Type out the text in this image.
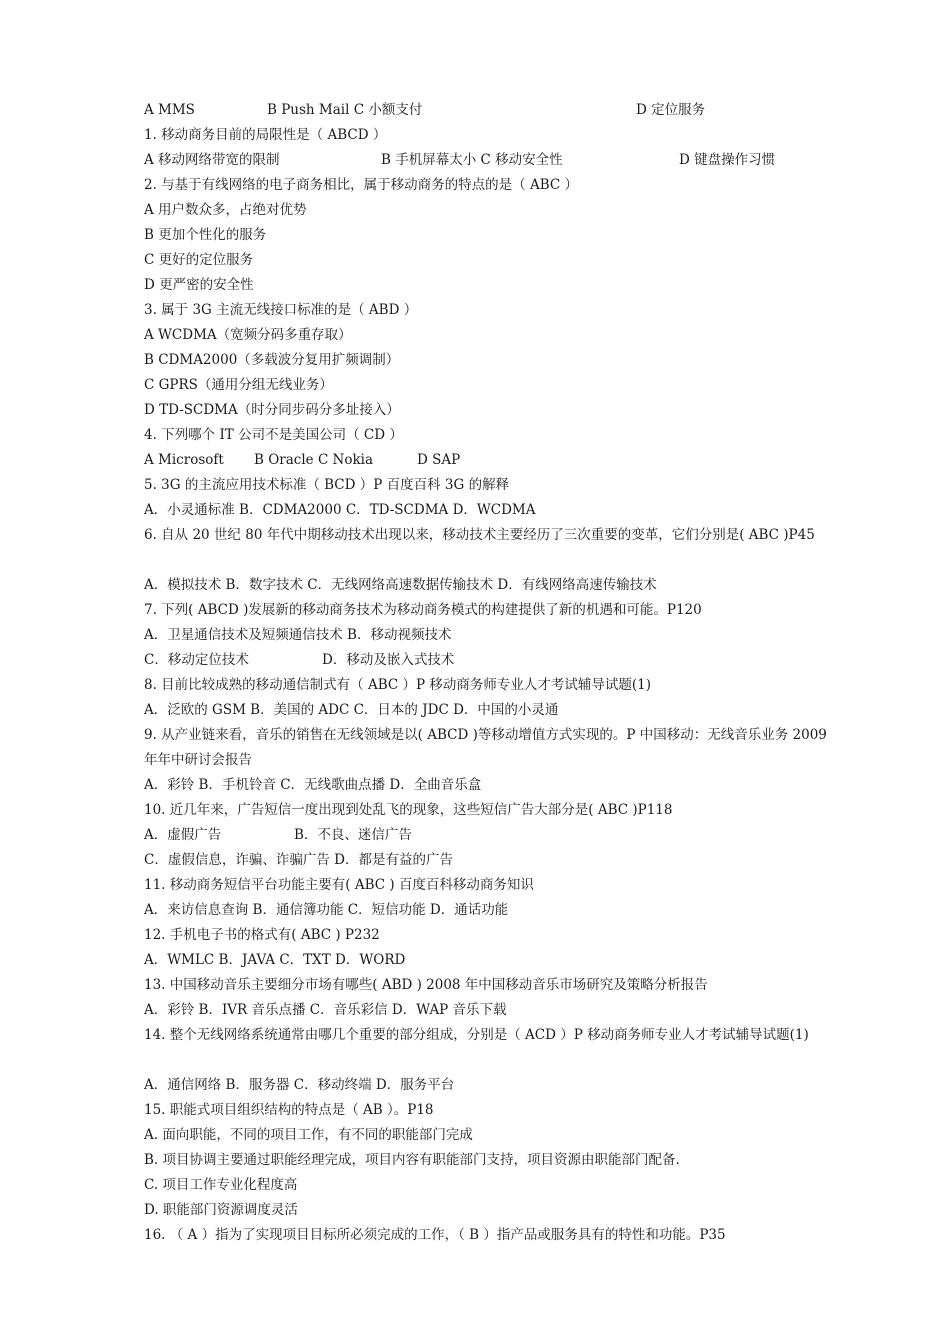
A MMS	B Push Mail C 小额支付	D 定位服务
1. 移动商务目前的局限性是（ ABCD ）
A 移动网络带宽的限制	B 手机屏幕太小 C 移动安全性	D 键盘操作习惯
2. 与基于有线网络的电子商务相比，属于移动商务的特点的是（ ABC ）
A 用户数众多，占绝对优势
B 更加个性化的服务
C 更好的定位服务
D 更严密的安全性
3. 属于 3G 主流无线接口标准的是（ ABD ）
A WCDMA（宽频分码多重存取）
B CDMA2000（多载波分复用扩频调制）
C GPRS（通用分组无线业务）
D TD-SCDMA（时分同步码分多址接入）
4. 下列哪个 IT 公司不是美国公司（ CD ）
A Microsoft B Oracle C Nokia	D SAP
5. 3G 的主流应用技术标准（ BCD ）P 百度百科 3G 的解释
A．小灵通标准 B．CDMA2000 C．TD-SCDMA D．WCDMA
6. 自从 20 世纪 80 年代中期移动技术出现以来，移动技术主要经历了三次重要的变革，它们分别是( ABC )P45
A．模拟技术 B．数字技术 C．无线网络高速数据传输技术 D．有线网络高速传输技术
7. 下列( ABCD )发展新的移动商务技术为移动商务模式的构建提供了新的机遇和可能。P120
A．卫星通信技术及短频通信技术 B．移动视频技术
C．移动定位技术	D．移动及嵌入式技术
8. 目前比较成熟的移动通信制式有（ ABC ）P 移动商务师专业人才考试辅导试题(1)
A．泛欧的 GSM B．美国的 ADC C．日本的 JDC D．中国的小灵通
9. 从产业链来看，音乐的销售在无线领域是以( ABCD )等移动增值方式实现的。P 中国移动：无线音乐业务 2009 年年中研讨会报告
A．彩铃 B．手机铃音 C．无线歌曲点播 D．全曲音乐盒
10. 近几年来，广告短信一度出现到处乱飞的现象，这些短信广告大部分是( ABC )P118
A．虚假广告	B．不良、迷信广告
C．虚假信息，诈骗、诈骗广告 D．都是有益的广告
11. 移动商务短信平台功能主要有( ABC ) 百度百科移动商务知识
A．来访信息查询 B．通信簿功能 C．短信功能 D．通话功能
12. 手机电子书的格式有( ABC ) P232
A．WMLC B．JAVA C．TXT D．WORD
13. 中国移动音乐主要细分市场有哪些( ABD ) 2008 年中国移动音乐市场研究及策略分析报告
A．彩铃 B．IVR 音乐点播 C．音乐彩信 D．WAP 音乐下载
14. 整个无线网络系统通常由哪几个重要的部分组成，分别是（ ACD ）P 移动商务师专业人才考试辅导试题(1)
A．通信网络 B．服务器 C．移动终端 D．服务平台
15. 职能式项目组织结构的特点是（ AB ）。P18
A. 面向职能，不同的项目工作，有不同的职能部门完成
B. 项目协调主要通过职能经理完成，项目内容有职能部门支持，项目资源由职能部门配备.
C. 项目工作专业化程度高
D. 职能部门资源调度灵活
16. （ A ）指为了实现项目目标所必须完成的工作，（ B ）指产品或服务具有的特性和功能。P35
